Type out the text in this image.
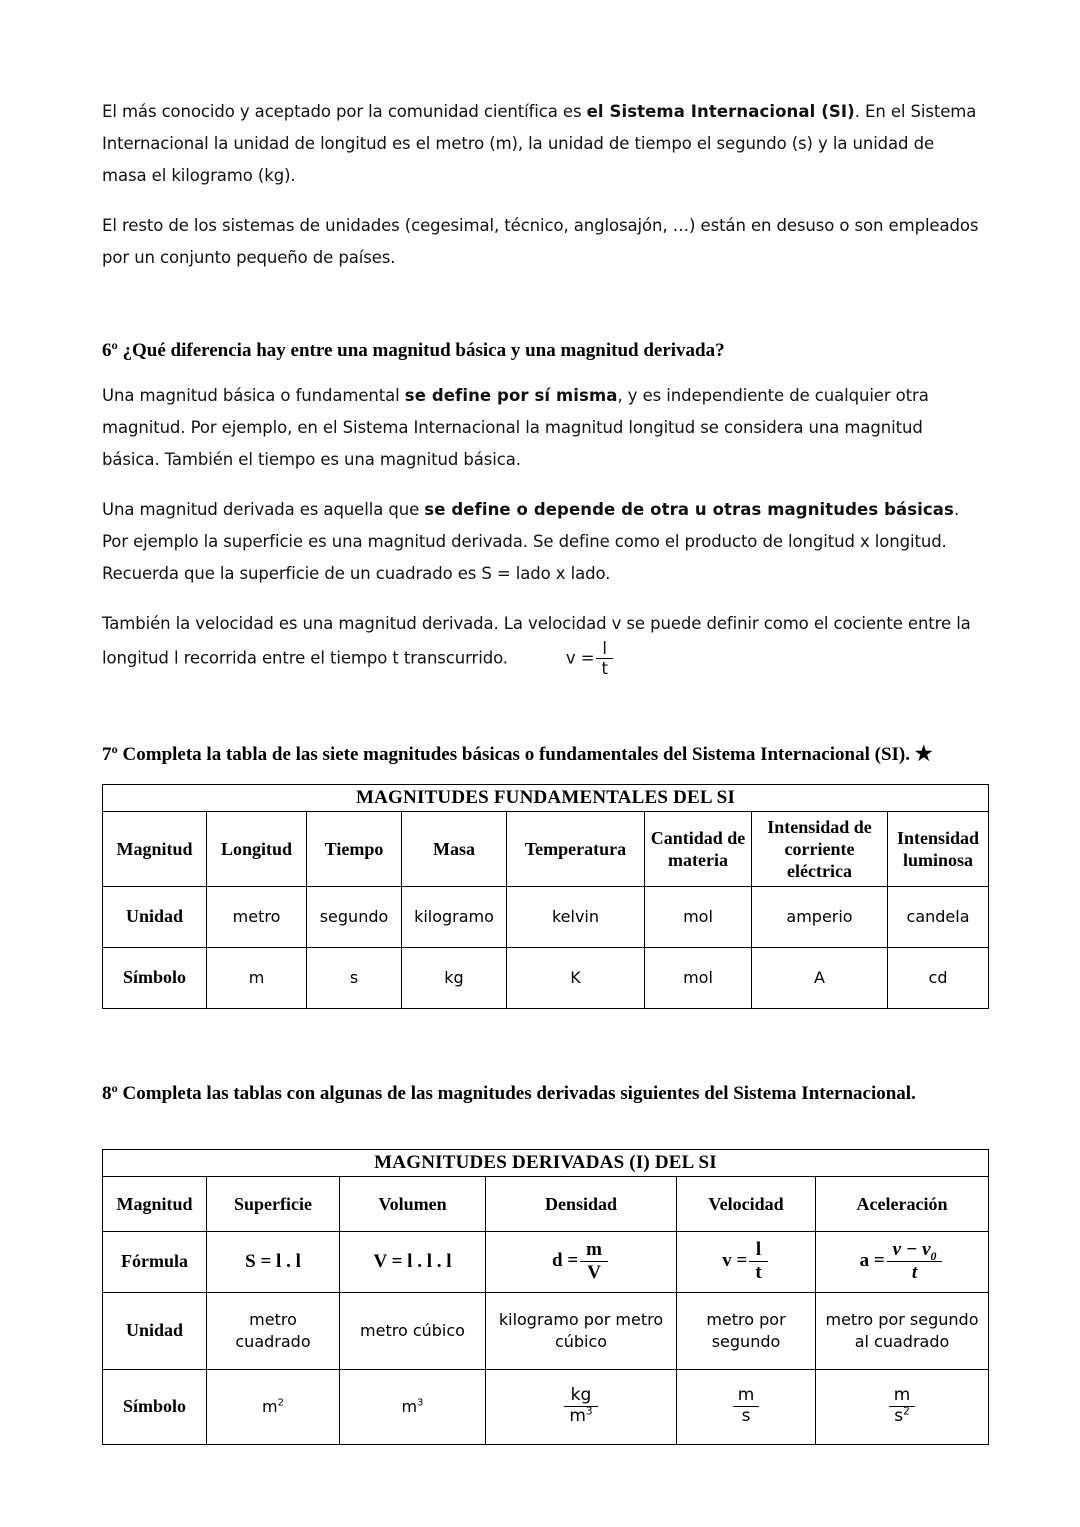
El más conocido y aceptado por la comunidad científica es el Sistema Internacional (SI). En el Sistema Internacional la unidad de longitud es el metro (m), la unidad de tiempo el segundo (s) y la unidad de masa el kilogramo (kg).

El resto de los sistemas de unidades (cegesimal, técnico, anglosajón, …) están en desuso o son empleados por un conjunto pequeño de países.

6º ¿Qué diferencia hay entre una magnitud básica y una magnitud derivada?

Una magnitud básica o fundamental se define por sí misma, y es independiente de cualquier otra magnitud. Por ejemplo, en el Sistema Internacional la magnitud longitud se considera una magnitud básica. También el tiempo es una magnitud básica.

Una magnitud derivada es aquella que se define o depende de otra u otras magnitudes básicas. Por ejemplo la superficie es una magnitud derivada. Se define como el producto de longitud x longitud. Recuerda que la superficie de un cuadrado es S = lado x lado.

También la velocidad es una magnitud derivada. La velocidad v se puede definir como el cociente entre la longitud l recorrida entre el tiempo t transcurrido.	$v = \frac{l}{t}$

7º Completa la tabla de las siete magnitudes básicas o fundamentales del Sistema Internacional (SI). ★
MAGNITUDES FUNDAMENTALES DEL SI							
Magnitud	Longitud	Tiempo	Masa	Temperatura	Cantidad de materia	Intensidad de corriente eléctrica	Intensidad luminosa
Unidad	metro	segundo	kilogramo	kelvin	mol	amperio	candela
Símbolo	m	s	kg	K	mol	A	cd
8º Completa las tablas con algunas de las magnitudes derivadas siguientes del Sistema Internacional.
MAGNITUDES DERIVADAS (I) DEL SI					
Magnitud	Superficie	Volumen	Densidad	Velocidad	Aceleración
Fórmula	S = l . l	V = l . l . l	$d = \frac{m}{V}$	$v = \frac{l}{t}$	$a = \frac{v - v_0}{t}$

Unidad	metro cuadrado	metro cúbico	kilogramo por metro cúbico	metro por segundo	metro por segundo al cuadrado
Símbolo	$m^2$	$m^3$	$\frac{kg}{m^3}$	$\frac{m}{s}$	$\frac{m}{s^2}$
